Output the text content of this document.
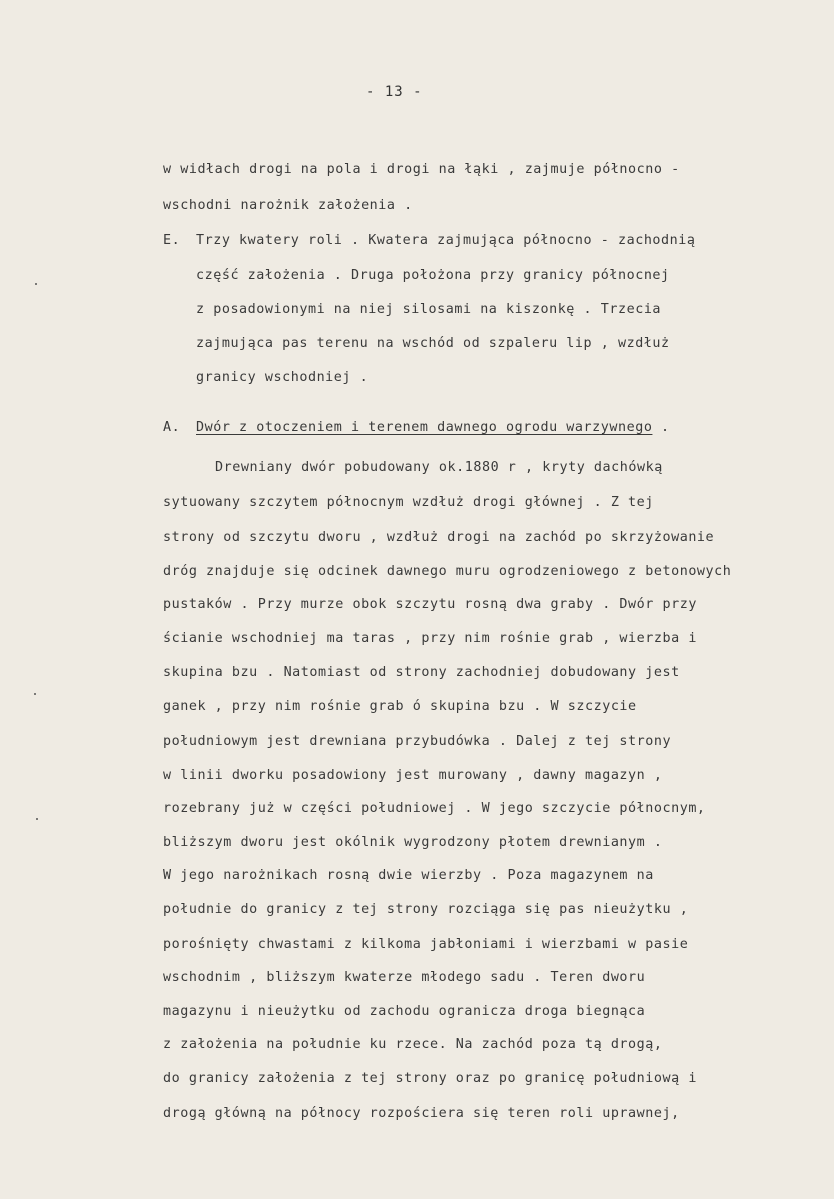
- 13 -
w widłach drogi na pola i drogi na łąki , zajmuje północno -
wschodni narożnik założenia .
E. Trzy kwatery roli . Kwatera zajmująca północno - zachodnią
część założenia . Druga położona przy granicy północnej
z posadowionymi na niej silosami na kiszonkę . Trzecia
zajmująca pas terenu na wschód od szpaleru lip , wzdłuż
granicy wschodniej .
A. Dwór z otoczeniem i terenem dawnego ogrodu warzywnego .
Drewniany dwór pobudowany ok.1880 r , kryty dachówką
sytuowany szczytem północnym wzdłuż drogi głównej . Z tej
strony od szczytu dworu , wzdłuż drogi na zachód po skrzyżowanie
dróg znajduje się odcinek dawnego muru ogrodzeniowego z betonowych
pustaków . Przy murze obok szczytu rosną dwa graby . Dwór przy
ścianie wschodniej ma taras , przy nim rośnie grab , wierzba i
skupina bzu . Natomiast od strony zachodniej dobudowany jest
ganek , przy nim rośnie grab ó skupina bzu . W szczycie
południowym jest drewniana przybudówka . Dalej z tej strony
w linii dworku posadowiony jest murowany , dawny magazyn ,
rozebrany już w części południowej . W jego szczycie północnym,
bliższym dworu jest okólnik wygrodzony płotem drewnianym .
W jego narożnikach rosną dwie wierzby . Poza magazynem na
południe do granicy z tej strony rozciąga się pas nieużytku ,
porośnięty chwastami z kilkoma jabłoniami i wierzbami w pasie
wschodnim , bliższym kwaterze młodego sadu . Teren dworu
magazynu i nieużytku od zachodu ogranicza droga biegnąca
z założenia na południe ku rzece. Na zachód poza tą drogą,
do granicy założenia z tej strony oraz po granicę południową i
drogą główną na północy rozpościera się teren roli uprawnej,
